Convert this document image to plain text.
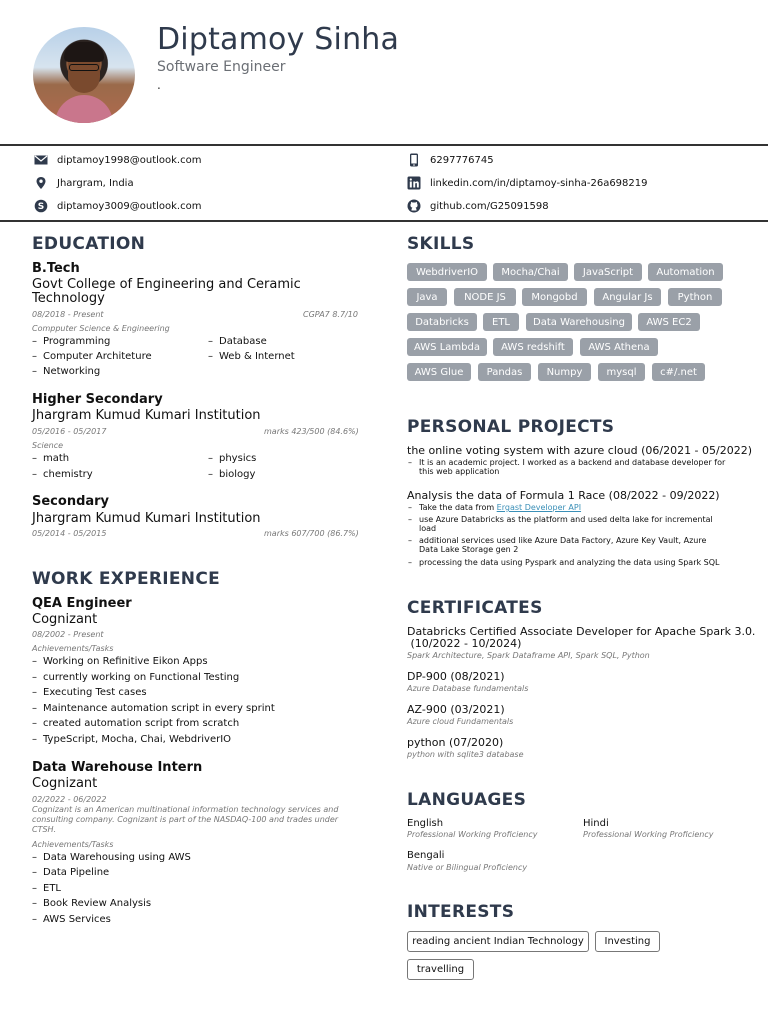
Diptamoy Sinha
Software Engineer
.
diptamoy1998@outlook.com
Jhargram, India
S diptamoy3009@outlook.com
6297776745
linkedin.com/in/diptamoy-sinha-26a698219
github.com/G25091598
EDUCATION
B.Tech
Govt College of Engineering and Ceramic
Technology
08/2018 - Present	CGPA7 8.7/10
Compputer Science & Engineering
– Programming	– Database
– Computer Architeture	– Web & Internet
– Networking
Higher Secondary
Jhargram Kumud Kumari Institution
05/2016 - 05/2017	marks 423/500 (84.6%)
Science
– math	– physics
– chemistry	– biology
Secondary
Jhargram Kumud Kumari Institution
05/2014 - 05/2015	marks 607/700 (86.7%)
WORK EXPERIENCE
QEA Engineer
Cognizant
08/2002 - Present
Achievements/Tasks
– Working on Refinitive Eikon Apps
– currently working on Functional Testing
– Executing Test cases
– Maintenance automation script in every sprint
– created automation script from scratch
– TypeScript, Mocha, Chai, WebdriverIO
Data Warehouse Intern
Cognizant
02/2022 - 06/2022
Cognizant is an American multinational information technology services and
consulting company. Cognizant is part of the NASDAQ-100 and trades under
CTSH.
Achievements/Tasks
– Data Warehousing using AWS
– Data Pipeline
– ETL
– Book Review Analysis
– AWS Services
SKILLS
WebdriverIO	Mocha/Chai	JavaScript	Automation
Java	NODE JS	Mongobd	Angular Js	Python
Databricks	ETL	Data Warehousing	AWS EC2
AWS Lambda	AWS redshift	AWS Athena
AWS Glue	Pandas	Numpy	mysql	c#/.net
PERSONAL PROJECTS
the online voting system with azure cloud (06/2021 - 05/2022)
– It is an academic project. I worked as a backend and database developer for
this web application
Analysis the data of Formula 1 Race (08/2022 - 09/2022)
– Take the data from Ergast Developer API
– use Azure Databricks as the platform and used delta lake for incremental
load
– additional services used like Azure Data Factory, Azure Key Vault, Azure
Data Lake Storage gen 2
– processing the data using Pyspark and analyzing the data using Spark SQL
CERTIFICATES
Databricks Certified Associate Developer for Apache Spark 3.0.
(10/2022 - 10/2024)
Spark Architecture, Spark Dataframe API, Spark SQL, Python
DP-900 (08/2021)
Azure Database fundamentals
AZ-900 (03/2021)
Azure cloud Fundamentals
python (07/2020)
python with sqlite3 database
LANGUAGES
English
Professional Working Proficiency
Hindi
Professional Working Proficiency
Bengali
Native or Bilingual Proficiency
INTERESTS
reading ancient Indian Technology	Investing
travelling
